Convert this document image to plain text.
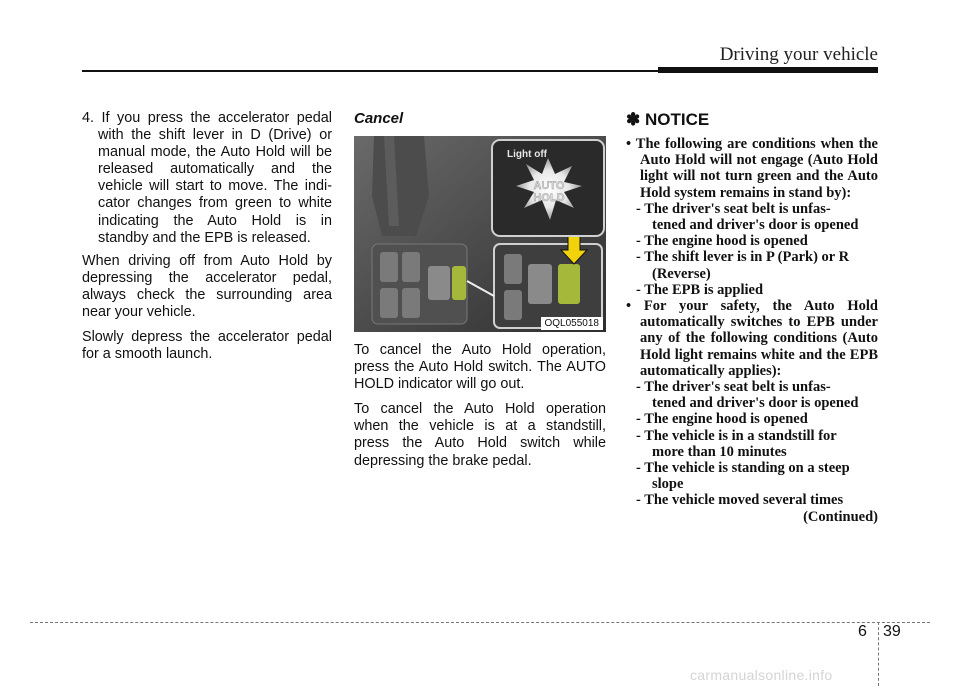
Driving your vehicle
4. If you press the accelerator pedal with the shift lever in D (Drive) or manual mode, the Auto Hold will be released automatically and the vehicle will start to move. The indi- cator changes from green to white indicating the Auto Hold is in standby and the EPB is released.

When driving off from Auto Hold by depressing the accelerator pedal, always check the surrounding area near your vehicle.

Slowly depress the accelerator pedal for a smooth launch.

Cancel
Light off
AUTO
HOLD
OQL055018

To cancel the Auto Hold operation, press the Auto Hold switch. The AUTO HOLD indicator will go out.

To cancel the Auto Hold operation when the vehicle is at a standstill, press the Auto Hold switch while depressing the brake pedal.

✽ NOTICE

• The following are conditions when the Auto Hold will not engage (Auto Hold light will not turn green and the Auto Hold system remains in stand by):

- The driver's seat belt is unfas-

tened and driver's door is opened

- The engine hood is opened

- The shift lever is in P (Park) or R

(Reverse)

- The EPB is applied

• For your safety, the Auto Hold automatically switches to EPB under any of the following conditions (Auto Hold light remains white and the EPB automatically applies):

- The driver's seat belt is unfas-

tened and driver's door is opened

- The engine hood is opened

- The vehicle is in a standstill for

more than 10 minutes

- The vehicle is standing on a steep

slope

- The vehicle moved several times

(Continued)

6 39
carmanualsonline.info
